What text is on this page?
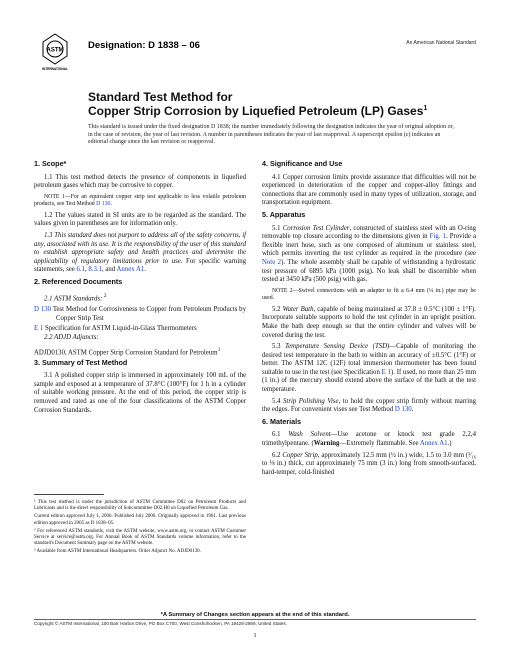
ASTM
INTERNATIONAL
Designation: D 1838 – 06	An American National Standard
Standard Test Method for
Copper Strip Corrosion by Liquefied Petroleum (LP) Gases$^1$
This standard is issued under the fixed designation D 1838; the number immediately following the designation indicates the year of original adoption or, in the case of revision, the year of last revision. A number in parentheses indicates the year of last reapproval. A superscript epsilon (ε) indicates an editorial change since the last revision or reapproval.
1. Scope*

1.1 This test method detects the presence of components in liquefied petroleum gases which may be corrosive to copper.

NOTE 1—For an equivalent copper strip test applicable to less volatile petroleum products, see Test Method D 130.

1.2 The values stated in SI units are to be regarded as the standard. The values given in parentheses are for information only.

1.3 This standard does not purport to address all of the safety concerns, if any, associated with its use. It is the responsibility of the user of this standard to establish appropriate safety and health practices and determine the applicability of regulatory limitations prior to use. For specific warning statements, see 6.1, 8.3.1, and Annex A1.

2. Referenced Documents

2.1 ASTM Standards: $^2$

D 130 Test Method for Corrosiveness to Copper from Petroleum Products by Copper Strip Test

E 1 Specification for ASTM Liquid-in-Glass Thermometers

2.2 ADJD Adjuncts:

ADJD0130, ASTM Copper Strip Corrosion Standard for Petroleum$^3$

3. Summary of Test Method

3.1 A polished copper strip is immersed in approximately 100 mL of the sample and exposed at a temperature of 37.8°C (100°F) for 1 h in a cylinder of suitable working pressure. At the end of this period, the copper strip is removed and rated as one of the four classifications of the ASTM Copper Corrosion Standards.

¹ This test method is under the jurisdiction of ASTM Committee D02 on Petroleum Products and Lubricants and is the direct responsibility of Subcommittee D02.H0 on Liquefied Petroleum Gas.

Current edition approved July 1, 2006. Published July 2006. Originally approved in 1961. Last previous edition approved in 2005 as D 1838–05.

² For referenced ASTM standards, visit the ASTM website, www.astm.org, or contact ASTM Customer Service at service@astm.org. For Annual Book of ASTM Standards volume information, refer to the standard's Document Summary page on the ASTM website.

³ Available from ASTM International Headquarters. Order Adjunct No. ADJD0130.

4. Significance and Use

4.1 Copper corrosion limits provide assurance that difficulties will not be experienced in deterioration of the copper and copper-alloy fittings and connections that are commonly used in many types of utilization, storage, and transportation equipment.

5. Apparatus

5.1 Corrosion Test Cylinder, constructed of stainless steel with an O-ring removable top closure according to the dimensions given in Fig. 1. Provide a flexible inert hose, such as one composed of aluminum or stainless steel, which permits inverting the test cylinder as required in the procedure (see Note 2). The whole assembly shall be capable of withstanding a hydrostatic test pressure of 6895 kPa (1000 psig). No leak shall be discernible when tested at 3450 kPa (500 psig) with gas.

NOTE 2—Swivel connections with an adapter to fit a 6.4 mm (¼ in.) pipe may be used.

5.2 Water Bath, capable of being maintained at 37.8 ± 0.5°C (100 ± 1°F). Incorporate suitable supports to hold the test cylinder in an upright position. Make the bath deep enough so that the entire cylinder and valves will be covered during the test.

5.3 Temperature Sensing Device (TSD)—Capable of monitoring the desired test temperature in the bath to within an accuracy of ±0.5°C (1°F) or better. The ASTM 12C (12F) total immersion thermometer has been found suitable to use in the test (see Specification E 1). If used, no more than 25 mm (1 in.) of the mercury should extend above the surface of the bath at the test temperature.

5.4 Strip Polishing Vise, to hold the copper strip firmly without marring the edges. For convenient vises see Test Method D 130.

6. Materials

6.1 Wash Solvent—Use acetone or knock test grade 2,2,4 trimethylpentane. (Warning—Extremely flammable. See Annex A1.)

6.2 Copper Strip, approximately 12.5 mm (½ in.) wide, 1.5 to 3.0 mm (¹⁄₁₆ to ⅛ in.) thick, cut approximately 75 mm (3 in.) long from smooth-surfaced, hard-temper, cold-finished

*A Summary of Changes section appears at the end of this standard.
Copyright © ASTM International, 100 Barr Harbor Drive, PO Box C700, West Conshohocken, PA 19428-2959, United States.
1
